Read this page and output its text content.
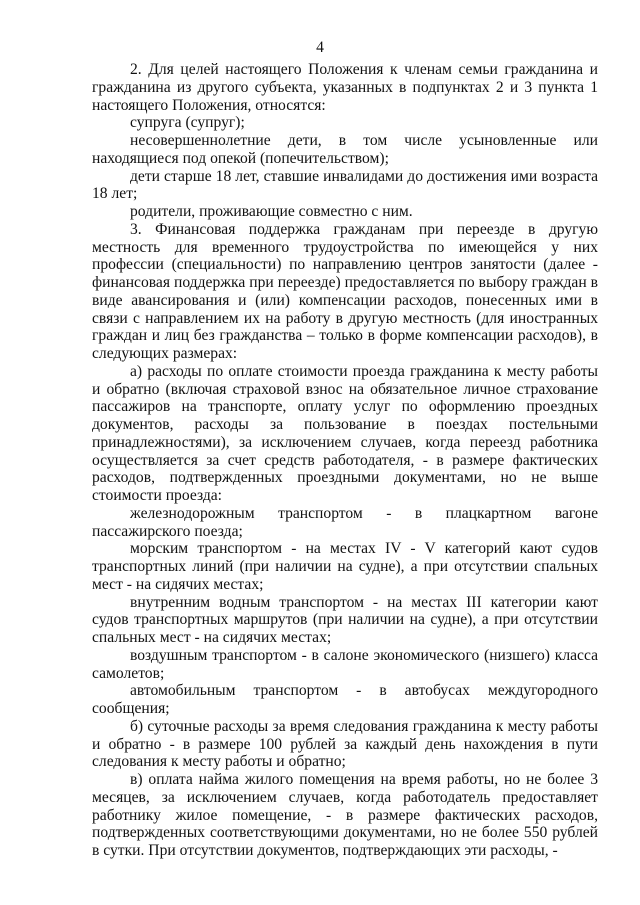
4

2. Для целей настоящего Положения к членам семьи гражданина и гражданина из другого субъекта, указанных в подпунктах 2 и 3 пункта 1 настоящего Положения, относятся:

супруга (супруг);

несовершеннолетние дети, в том числе усыновленные или находящиеся под опекой (попечительством);

дети старше 18 лет, ставшие инвалидами до достижения ими возраста 18 лет;

родители, проживающие совместно с ним.

3. Финансовая поддержка гражданам при переезде в другую местность для временного трудоустройства по имеющейся у них профессии (специальности) по направлению центров занятости (далее - финансовая поддержка при переезде) предоставляется по выбору граждан в виде авансирования и (или) компенсации расходов, понесенных ими в связи с направлением их на работу в другую местность (для иностранных граждан и лиц без гражданства – только в форме компенсации расходов), в следующих размерах:

а) расходы по оплате стоимости проезда гражданина к месту работы и обратно (включая страховой взнос на обязательное личное страхование пассажиров на транспорте, оплату услуг по оформлению проездных документов, расходы за пользование в поездах постельными принадлежностями), за исключением случаев, когда переезд работника осуществляется за счет средств работодателя, - в размере фактических расходов, подтвержденных проездными документами, но не выше стоимости проезда:

железнодорожным транспортом - в плацкартном вагоне пассажирского поезда;

морским транспортом - на местах IV - V категорий кают судов транспортных линий (при наличии на судне), а при отсутствии спальных мест - на сидячих местах;

внутренним водным транспортом - на местах III категории кают судов транспортных маршрутов (при наличии на судне), а при отсутствии спальных мест - на сидячих местах;

воздушным транспортом - в салоне экономического (низшего) класса самолетов;

автомобильным транспортом - в автобусах междугородного сообщения;

б) суточные расходы за время следования гражданина к месту работы и обратно - в размере 100 рублей за каждый день нахождения в пути следования к месту работы и обратно;

в) оплата найма жилого помещения на время работы, но не более 3 месяцев, за исключением случаев, когда работодатель предоставляет работнику жилое помещение, - в размере фактических расходов, подтвержденных соответствующими документами, но не более 550 рублей в сутки. При отсутствии документов, подтверждающих эти расходы, -
